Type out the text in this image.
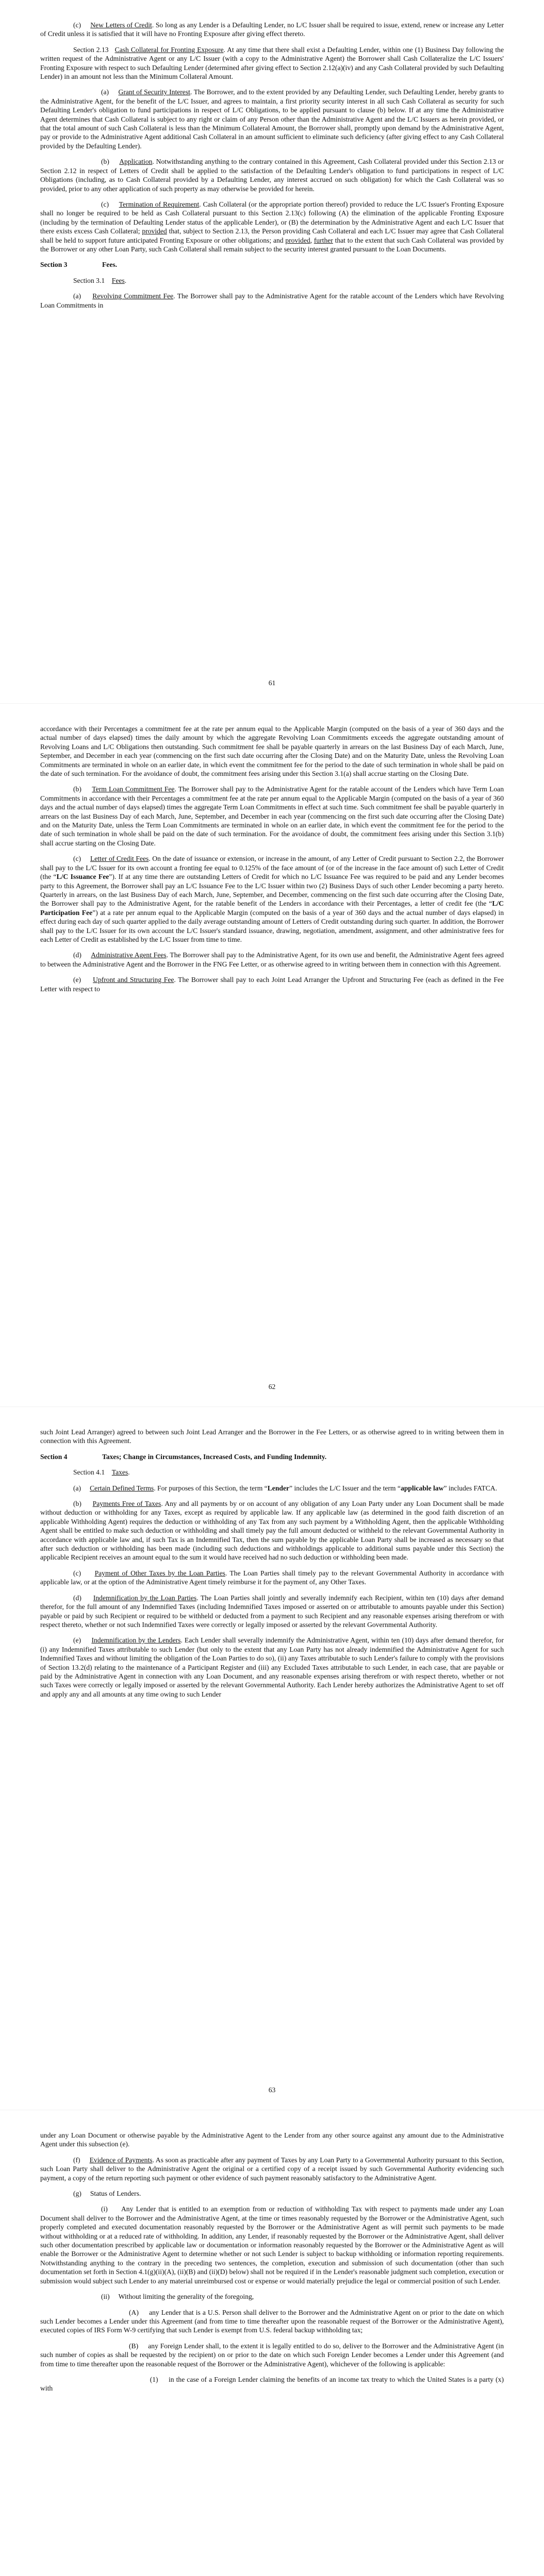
(c) New Letters of Credit. So long as any Lender is a Defaulting Lender, no L/C Issuer shall be required to issue, extend, renew or increase any Letter of Credit unless it is satisfied that it will have no Fronting Exposure after giving effect thereto.

Section 2.13 Cash Collateral for Fronting Exposure. At any time that there shall exist a Defaulting Lender, within one (1) Business Day following the written request of the Administrative Agent or any L/C Issuer (with a copy to the Administrative Agent) the Borrower shall Cash Collateralize the L/C Issuers' Fronting Exposure with respect to such Defaulting Lender (determined after giving effect to Section 2.12(a)(iv) and any Cash Collateral provided by such Defaulting Lender) in an amount not less than the Minimum Collateral Amount.

(a) Grant of Security Interest. The Borrower, and to the extent provided by any Defaulting Lender, such Defaulting Lender, hereby grants to the Administrative Agent, for the benefit of the L/C Issuer, and agrees to maintain, a first priority security interest in all such Cash Collateral as security for such Defaulting Lender's obligation to fund participations in respect of L/C Obligations, to be applied pursuant to clause (b) below. If at any time the Administrative Agent determines that Cash Collateral is subject to any right or claim of any Person other than the Administrative Agent and the L/C Issuers as herein provided, or that the total amount of such Cash Collateral is less than the Minimum Collateral Amount, the Borrower shall, promptly upon demand by the Administrative Agent, pay or provide to the Administrative Agent additional Cash Collateral in an amount sufficient to eliminate such deficiency (after giving effect to any Cash Collateral provided by the Defaulting Lender).

(b) Application. Notwithstanding anything to the contrary contained in this Agreement, Cash Collateral provided under this Section 2.13 or Section 2.12 in respect of Letters of Credit shall be applied to the satisfaction of the Defaulting Lender's obligation to fund participations in respect of L/C Obligations (including, as to Cash Collateral provided by a Defaulting Lender, any interest accrued on such obligation) for which the Cash Collateral was so provided, prior to any other application of such property as may otherwise be provided for herein.

(c) Termination of Requirement. Cash Collateral (or the appropriate portion thereof) provided to reduce the L/C Issuer's Fronting Exposure shall no longer be required to be held as Cash Collateral pursuant to this Section 2.13(c) following (A) the elimination of the applicable Fronting Exposure (including by the termination of Defaulting Lender status of the applicable Lender), or (B) the determination by the Administrative Agent and each L/C Issuer that there exists excess Cash Collateral; provided that, subject to Section 2.13, the Person providing Cash Collateral and each L/C Issuer may agree that Cash Collateral shall be held to support future anticipated Fronting Exposure or other obligations; and provided, further that to the extent that such Cash Collateral was provided by the Borrower or any other Loan Party, such Cash Collateral shall remain subject to the security interest granted pursuant to the Loan Documents.

Section 3	Fees.

Section 3.1 Fees.

(a) Revolving Commitment Fee. The Borrower shall pay to the Administrative Agent for the ratable account of the Lenders which have Revolving Loan Commitments in

61

accordance with their Percentages a commitment fee at the rate per annum equal to the Applicable Margin (computed on the basis of a year of 360 days and the actual number of days elapsed) times the daily amount by which the aggregate Revolving Loan Commitments exceeds the aggregate outstanding amount of Revolving Loans and L/C Obligations then outstanding. Such commitment fee shall be payable quarterly in arrears on the last Business Day of each March, June, September, and December in each year (commencing on the first such date occurring after the Closing Date) and on the Maturity Date, unless the Revolving Loan Commitments are terminated in whole on an earlier date, in which event the commitment fee for the period to the date of such termination in whole shall be paid on the date of such termination. For the avoidance of doubt, the commitment fees arising under this Section 3.1(a) shall accrue starting on the Closing Date.

(b) Term Loan Commitment Fee. The Borrower shall pay to the Administrative Agent for the ratable account of the Lenders which have Term Loan Commitments in accordance with their Percentages a commitment fee at the rate per annum equal to the Applicable Margin (computed on the basis of a year of 360 days and the actual number of days elapsed) times the aggregate Term Loan Commitments in effect at such time. Such commitment fee shall be payable quarterly in arrears on the last Business Day of each March, June, September, and December in each year (commencing on the first such date occurring after the Closing Date) and on the Maturity Date, unless the Term Loan Commitments are terminated in whole on an earlier date, in which event the commitment fee for the period to the date of such termination in whole shall be paid on the date of such termination. For the avoidance of doubt, the commitment fees arising under this Section 3.1(b) shall accrue starting on the Closing Date.

(c) Letter of Credit Fees. On the date of issuance or extension, or increase in the amount, of any Letter of Credit pursuant to Section 2.2, the Borrower shall pay to the L/C Issuer for its own account a fronting fee equal to 0.125% of the face amount of (or of the increase in the face amount of) such Letter of Credit (the “L/C Issuance Fee”). If at any time there are outstanding Letters of Credit for which no L/C Issuance Fee was required to be paid and any Lender becomes party to this Agreement, the Borrower shall pay an L/C Issuance Fee to the L/C Issuer within two (2) Business Days of such other Lender becoming a party hereto. Quarterly in arrears, on the last Business Day of each March, June, September, and December, commencing on the first such date occurring after the Closing Date, the Borrower shall pay to the Administrative Agent, for the ratable benefit of the Lenders in accordance with their Percentages, a letter of credit fee (the “L/C Participation Fee”) at a rate per annum equal to the Applicable Margin (computed on the basis of a year of 360 days and the actual number of days elapsed) in effect during each day of such quarter applied to the daily average outstanding amount of Letters of Credit outstanding during such quarter. In addition, the Borrower shall pay to the L/C Issuer for its own account the L/C Issuer's standard issuance, drawing, negotiation, amendment, assignment, and other administrative fees for each Letter of Credit as established by the L/C Issuer from time to time.

(d) Administrative Agent Fees. The Borrower shall pay to the Administrative Agent, for its own use and benefit, the Administrative Agent fees agreed to between the Administrative Agent and the Borrower in the FNG Fee Letter, or as otherwise agreed to in writing between them in connection with this Agreement.

(e) Upfront and Structuring Fee. The Borrower shall pay to each Joint Lead Arranger the Upfront and Structuring Fee (each as defined in the Fee Letter with respect to

62

such Joint Lead Arranger) agreed to between such Joint Lead Arranger and the Borrower in the Fee Letters, or as otherwise agreed to in writing between them in connection with this Agreement.

Section 4	Taxes; Change in Circumstances, Increased Costs, and Funding Indemnity.

Section 4.1 Taxes.

(a) Certain Defined Terms. For purposes of this Section, the term “Lender” includes the L/C Issuer and the term “applicable law” includes FATCA.

(b) Payments Free of Taxes. Any and all payments by or on account of any obligation of any Loan Party under any Loan Document shall be made without deduction or withholding for any Taxes, except as required by applicable law. If any applicable law (as determined in the good faith discretion of an applicable Withholding Agent) requires the deduction or withholding of any Tax from any such payment by a Withholding Agent, then the applicable Withholding Agent shall be entitled to make such deduction or withholding and shall timely pay the full amount deducted or withheld to the relevant Governmental Authority in accordance with applicable law and, if such Tax is an Indemnified Tax, then the sum payable by the applicable Loan Party shall be increased as necessary so that after such deduction or withholding has been made (including such deductions and withholdings applicable to additional sums payable under this Section) the applicable Recipient receives an amount equal to the sum it would have received had no such deduction or withholding been made.

(c) Payment of Other Taxes by the Loan Parties. The Loan Parties shall timely pay to the relevant Governmental Authority in accordance with applicable law, or at the option of the Administrative Agent timely reimburse it for the payment of, any Other Taxes.

(d) Indemnification by the Loan Parties. The Loan Parties shall jointly and severally indemnify each Recipient, within ten (10) days after demand therefor, for the full amount of any Indemnified Taxes (including Indemnified Taxes imposed or asserted on or attributable to amounts payable under this Section) payable or paid by such Recipient or required to be withheld or deducted from a payment to such Recipient and any reasonable expenses arising therefrom or with respect thereto, whether or not such Indemnified Taxes were correctly or legally imposed or asserted by the relevant Governmental Authority.

(e) Indemnification by the Lenders. Each Lender shall severally indemnify the Administrative Agent, within ten (10) days after demand therefor, for (i) any Indemnified Taxes attributable to such Lender (but only to the extent that any Loan Party has not already indemnified the Administrative Agent for such Indemnified Taxes and without limiting the obligation of the Loan Parties to do so), (ii) any Taxes attributable to such Lender's failure to comply with the provisions of Section 13.2(d) relating to the maintenance of a Participant Register and (iii) any Excluded Taxes attributable to such Lender, in each case, that are payable or paid by the Administrative Agent in connection with any Loan Document, and any reasonable expenses arising therefrom or with respect thereto, whether or not such Taxes were correctly or legally imposed or asserted by the relevant Governmental Authority. Each Lender hereby authorizes the Administrative Agent to set off and apply any and all amounts at any time owing to such Lender

63

under any Loan Document or otherwise payable by the Administrative Agent to the Lender from any other source against any amount due to the Administrative Agent under this subsection (e).

(f) Evidence of Payments. As soon as practicable after any payment of Taxes by any Loan Party to a Governmental Authority pursuant to this Section, such Loan Party shall deliver to the Administrative Agent the original or a certified copy of a receipt issued by such Governmental Authority evidencing such payment, a copy of the return reporting such payment or other evidence of such payment reasonably satisfactory to the Administrative Agent.

(g) Status of Lenders.

(i) Any Lender that is entitled to an exemption from or reduction of withholding Tax with respect to payments made under any Loan Document shall deliver to the Borrower and the Administrative Agent, at the time or times reasonably requested by the Borrower or the Administrative Agent, such properly completed and executed documentation reasonably requested by the Borrower or the Administrative Agent as will permit such payments to be made without withholding or at a reduced rate of withholding. In addition, any Lender, if reasonably requested by the Borrower or the Administrative Agent, shall deliver such other documentation prescribed by applicable law or documentation or information reasonably requested by the Borrower or the Administrative Agent as will enable the Borrower or the Administrative Agent to determine whether or not such Lender is subject to backup withholding or information reporting requirements. Notwithstanding anything to the contrary in the preceding two sentences, the completion, execution and submission of such documentation (other than such documentation set forth in Section 4.1(g)(ii)(A), (ii)(B) and (ii)(D) below) shall not be required if in the Lender's reasonable judgment such completion, execution or submission would subject such Lender to any material unreimbursed cost or expense or would materially prejudice the legal or commercial position of such Lender.

(ii) Without limiting the generality of the foregoing,

(A) any Lender that is a U.S. Person shall deliver to the Borrower and the Administrative Agent on or prior to the date on which such Lender becomes a Lender under this Agreement (and from time to time thereafter upon the reasonable request of the Borrower or the Administrative Agent), executed copies of IRS Form W-9 certifying that such Lender is exempt from U.S. federal backup withholding tax;

(B) any Foreign Lender shall, to the extent it is legally entitled to do so, deliver to the Borrower and the Administrative Agent (in such number of copies as shall be requested by the recipient) on or prior to the date on which such Foreign Lender becomes a Lender under this Agreement (and from time to time thereafter upon the reasonable request of the Borrower or the Administrative Agent), whichever of the following is applicable:

(1) in the case of a Foreign Lender claiming the benefits of an income tax treaty to which the United States is a party (x) with
